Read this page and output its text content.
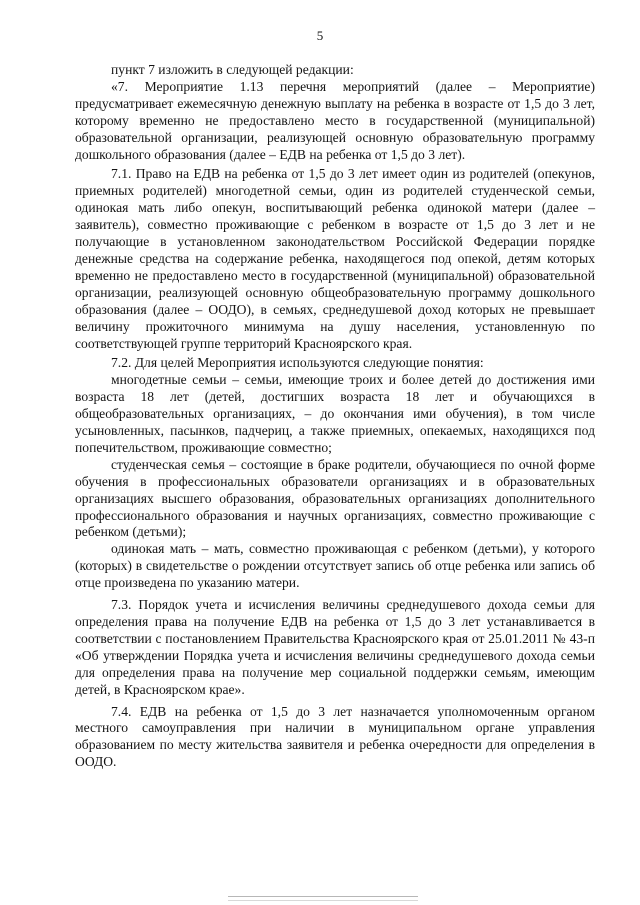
5

пункт 7 изложить в следующей редакции:

«7. Мероприятие 1.13 перечня мероприятий (далее – Мероприятие) предусматривает ежемесячную денежную выплату на ребенка в возрасте от 1,5 до 3 лет, которому временно не предоставлено место в государственной (муниципальной) образовательной организации, реализующей основную образовательную программу дошкольного образования (далее – ЕДВ на ребенка от 1,5 до 3 лет).

7.1. Право на ЕДВ на ребенка от 1,5 до 3 лет имеет один из родителей (опекунов, приемных родителей) многодетной семьи, один из родителей студенческой семьи, одинокая мать либо опекун, воспитывающий ребенка одинокой матери (далее – заявитель), совместно проживающие с ребенком в возрасте от 1,5 до 3 лет и не получающие в установленном законодательством Российской Федерации порядке денежные средства на содержание ребенка, находящегося под опекой, детям которых временно не предоставлено место в государственной (муниципальной) образовательной организации, реализующей основную общеобразовательную программу дошкольного образования (далее – ООДО), в семьях, среднедушевой доход которых не превышает величину прожиточного минимума на душу населения, установленную по соответствующей группе территорий Красноярского края.

7.2. Для целей Мероприятия используются следующие понятия:

многодетные семьи – семьи, имеющие троих и более детей до достижения ими возраста 18 лет (детей, достигших возраста 18 лет и обучающихся в общеобразовательных организациях, – до окончания ими обучения), в том числе усыновленных, пасынков, падчериц, а также приемных, опекаемых, находящихся под попечительством, проживающие совместно;

студенческая семья – состоящие в браке родители, обучающиеся по очной форме обучения в профессиональных образователи организациях и в образовательных организациях высшего образования, образовательных организациях дополнительного профессионального образования и научных организациях, совместно проживающие с ребенком (детьми);

одинокая мать – мать, совместно проживающая с ребенком (детьми), у которого (которых) в свидетельстве о рождении отсутствует запись об отце ребенка или запись об отце произведена по указанию матери.

7.3. Порядок учета и исчисления величины среднедушевого дохода семьи для определения права на получение ЕДВ на ребенка от 1,5 до 3 лет устанавливается в соответствии с постановлением Правительства Красноярского края от 25.01.2011 № 43-п «Об утверждении Порядка учета и исчисления величины среднедушевого дохода семьи для определения права на получение мер социальной поддержки семьям, имеющим детей, в Красноярском крае».

7.4. ЕДВ на ребенка от 1,5 до 3 лет назначается уполномоченным органом местного самоуправления при наличии в муниципальном органе управления образованием по месту жительства заявителя и ребенка очередности для определения в ООДО.
